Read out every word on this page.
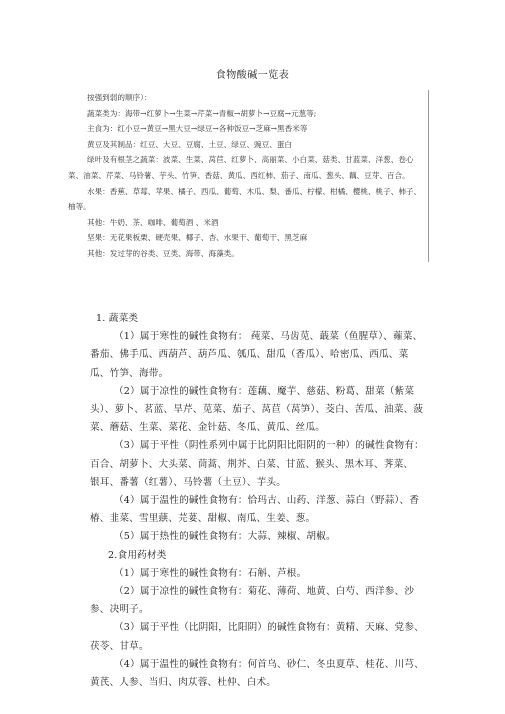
食物酸碱一览表

按强到弱的顺序）：

蔬菜类为：海带→红萝卜→生菜→芹菜→青椒→胡萝卜→豆腐→元葱等;

主食为：红小豆→黄豆→黑大豆→绿豆→各种饭豆→芝麻→黑香米等

黄豆及其制品：红豆、大豆、豆腐、土豆、绿豆、豌豆、蛋白

绿叶及有根茎之蔬菜：波菜、生菜、莴苣、红萝卜、高丽菜、小白菜、菇类、甘蓝菜、洋葱、卷心菜、油菜、芹菜、马铃薯、芋头、竹笋、香菇、黄瓜、西红柿、茄子、南瓜、葱头、藕、豆芽、百合。

水果：香蕉、草莓、苹果、橘子、西瓜、葡萄、木瓜、梨、番瓜、柠檬、柑橘、樱桃、桃子、柿子、柚等。

其他：牛奶、茶、咖啡、葡萄酒 、米酒

坚果：无花果板栗、硬壳果、椰子、杏、水果干、葡萄干、黑芝麻

其他：发过芽的谷类、豆类、海带、海藻类。

1. 蔬菜类

（1）属于寒性的碱性食物有： 莼菜、马齿苋、蕺菜（鱼腥草）、蕹菜、番茄、佛手瓜、西葫芦、葫芦瓜、瓠瓜、甜瓜（香瓜）、哈密瓜、西瓜、菜瓜、竹笋、海带。

（2）属于凉性的碱性食物有：莲藕、魔芋、慈菇、粉葛、甜菜（紫菜头）、萝卜、茗蓝、旱芹、苋菜、茄子、莴苣（莴笋）、茭白、苦瓜、油菜、菠菜、蘑菇、生菜、菜花、金针菇、冬瓜、黄瓜、丝瓜。

（3）属于平性（阴性系列中属于比阴阳比阳阴的一种）的碱性食物有：百合、胡萝卜、大头菜、茼蒿、荆芥、白菜、甘蓝、猴头、黑木耳、荠菜、 银耳、番薯（红薯）、马铃薯（土豆）、芋头。

（4）属于温性的碱性食物有：恰玛古、山药、洋葱、蒜白（野蒜）、香椿、韭菜、雪里蕻、芫荽、甜椒、南瓜、生姜、葱。

（5）属于热性的碱性食物有：大蒜、辣椒、胡椒。

2.食用药材类

（1）属于寒性的碱性食物有：石斛、芦根。

（2）属于凉性的碱性食物有：菊花、薄荷、地黄、白芍、西洋参、沙参、决明子。

（3）属于平性（比阴阳，比阳阴）的碱性食物有：黄精、天麻、党参、茯苓、甘草。

（4）属于温性的碱性食物有：何首乌、砂仁、冬虫夏草、桂花、川芎、黄芪、人参、当归、肉苁蓉、杜仲、白术。
